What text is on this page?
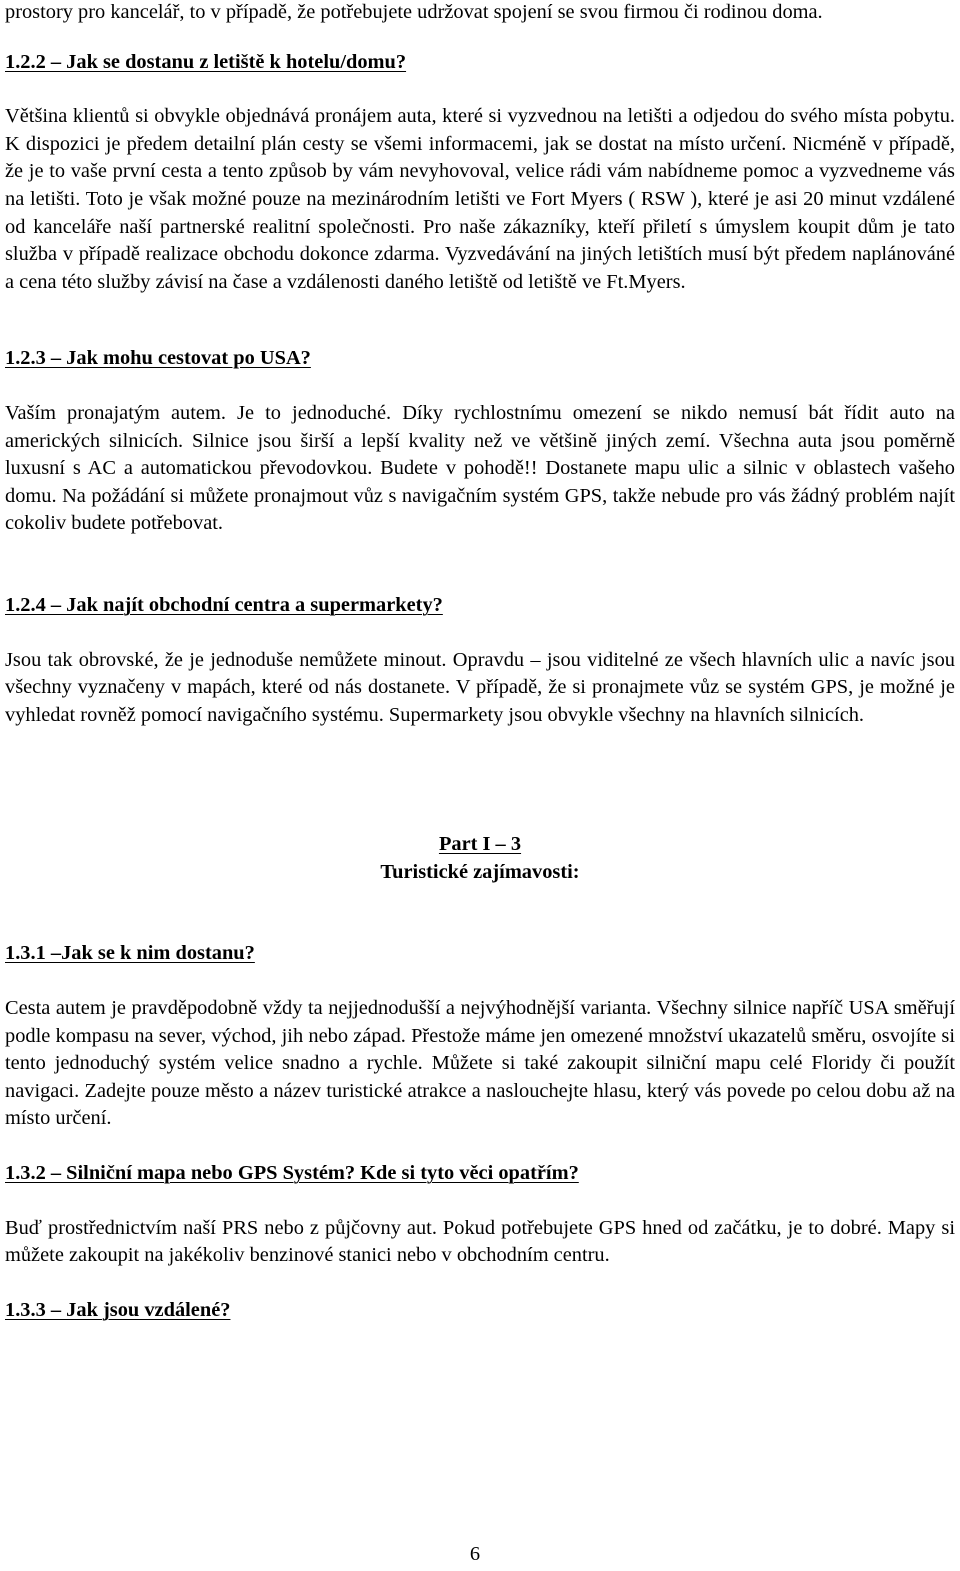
prostory pro kancelář, to v případě, že potřebujete udržovat spojení se svou firmou či rodinou doma.

1.2.2 – Jak se dostanu z letiště k hotelu/domu?

Většina klientů si obvykle objednává pronájem auta, které si vyzvednou na letišti a odjedou do svého místa pobytu. K dispozici je předem detailní plán cesty se všemi informacemi, jak se dostat na místo určení. Nicméně v případě, že je to vaše první cesta a tento způsob by vám nevyhovoval, velice rádi vám nabídneme pomoc a vyzvedneme vás na letišti. Toto je však možné pouze na mezinárodním letišti ve Fort Myers ( RSW ), které je asi 20 minut vzdálené od kanceláře naší partnerské realitní společnosti. Pro naše zákazníky, kteří přiletí s úmyslem koupit dům je tato služba v případě realizace obchodu dokonce zdarma. Vyzvedávání na jiných letištích musí být předem naplánováné a cena této služby závisí na čase a vzdálenosti daného letiště od letiště ve Ft.Myers.

1.2.3 – Jak mohu cestovat po USA?

Vaším pronajatým autem. Je to jednoduché. Díky rychlostnímu omezení se nikdo nemusí bát řídit auto na amerických silnicích. Silnice jsou širší a lepší kvality než ve většině jiných zemí. Všechna auta jsou poměrně luxusní s AC a automatickou převodovkou. Budete v pohodě!! Dostanete mapu ulic a silnic v oblastech vašeho domu. Na požádání si můžete pronajmout vůz s navigačním systém GPS, takže nebude pro vás žádný problém najít cokoliv budete potřebovat.

1.2.4 – Jak najít obchodní centra a supermarkety?

Jsou tak obrovské, že je jednoduše nemůžete minout. Opravdu – jsou viditelné ze všech hlavních ulic a navíc jsou všechny vyznačeny v mapách, které od nás dostanete. V případě, že si pronajmete vůz se systém GPS, je možné je vyhledat rovněž pomocí navigačního systému. Supermarkety jsou obvykle všechny na hlavních silnicích.

Part I – 3

Turistické zajímavosti:

1.3.1 –Jak se k nim dostanu?

Cesta autem je pravděpodobně vždy ta nejjednodušší a nejvýhodnější varianta. Všechny silnice napříč USA směřují podle kompasu na sever, východ, jih nebo západ. Přestože máme jen omezené množství ukazatelů směru, osvojíte si tento jednoduchý systém velice snadno a rychle. Můžete si také zakoupit silniční mapu celé Floridy či použít navigaci. Zadejte pouze město a název turistické atrakce a naslouchejte hlasu, který vás povede po celou dobu až na místo určení.

1.3.2 – Silniční mapa nebo GPS Systém? Kde si tyto věci opatřím?

Buď prostřednictvím naší PRS nebo z půjčovny aut. Pokud potřebujete GPS hned od začátku, je to dobré. Mapy si můžete zakoupit na jakékoliv benzinové stanici nebo v obchodním centru.

1.3.3 – Jak jsou vzdálené?

6
